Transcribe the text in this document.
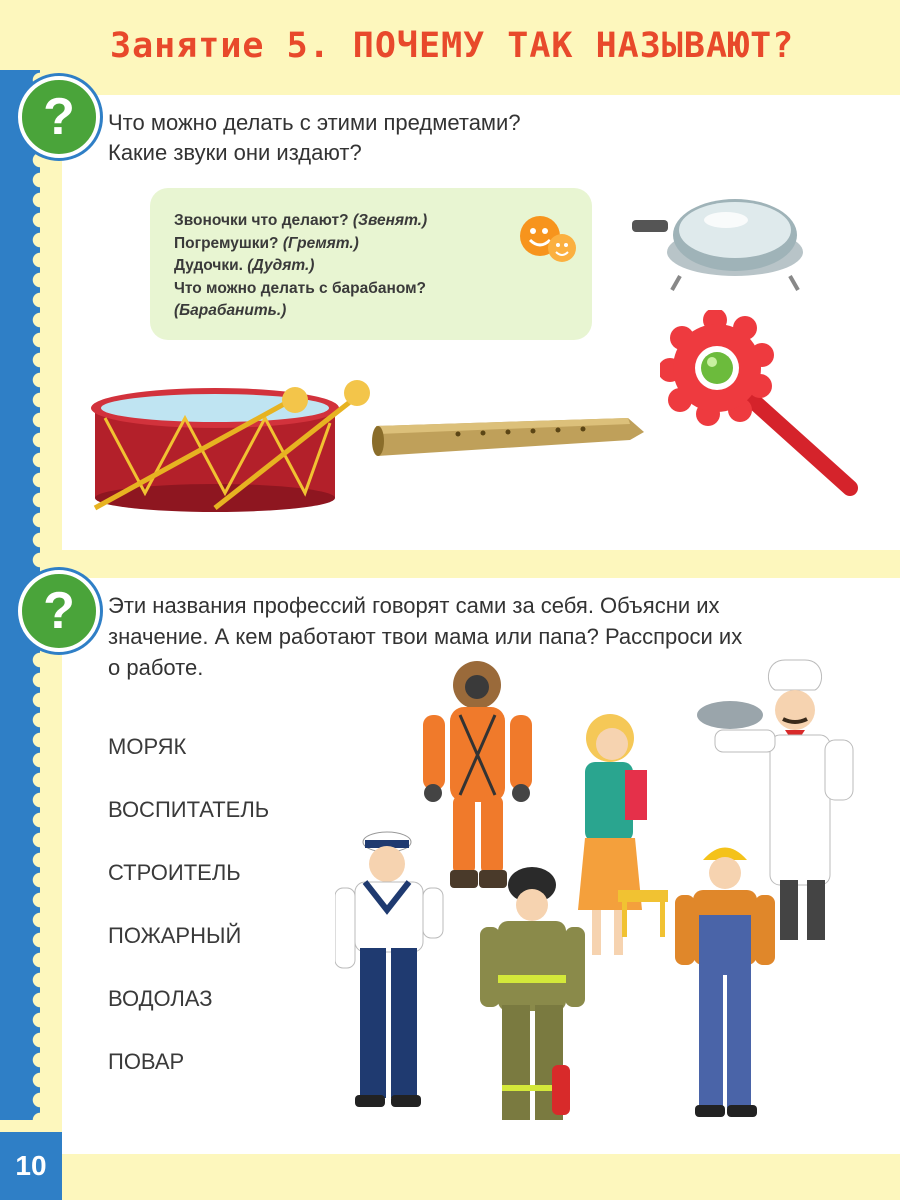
Занятие 5. ПОЧЕМУ ТАК НАЗЫВАЮТ?
?
?
Что можно делать с этими предметами?
Какие звуки они издают?
Звоночки что делают? (Звенят.)
Погремушки? (Гремят.)
Дудочки. (Дудят.)
Что можно делать с барабаном?
(Барабанить.)
Эти названия профессий говорят сами за себя. Объясни их
значение. А кем работают твои мама или папа? Расспроси их
о работе.
МОРЯК
ВОСПИТАТЕЛЬ
СТРОИТЕЛЬ
ПОЖАРНЫЙ
ВОДОЛАЗ
ПОВАР
10
